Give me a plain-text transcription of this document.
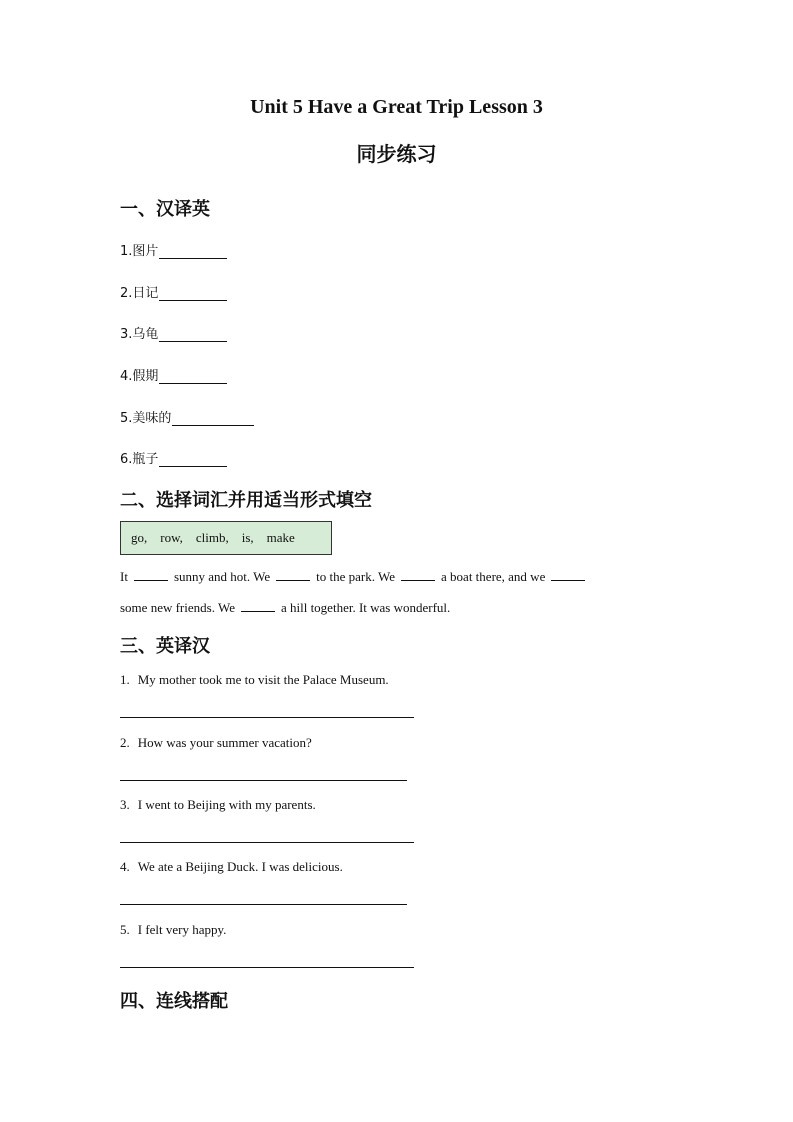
Unit 5 Have a Great Trip Lesson 3
同步练习
一、汉译英
1.图片
2.日记
3.乌龟
4.假期
5.美味的
6.瓶子
二、选择词汇并用适当形式填空
go,    row,    climb,    is,    make
It	sunny and hot. We	to the park. We	a boat there, and we
some new friends. We	a hill together. It was wonderful.
三、英译汉
1. My mother took me to visit the Palace Museum.
2. How was your summer vacation?
3. I went to Beijing with my parents.
4. We ate a Beijing Duck. I was delicious.
5. I felt very happy.
四、连线搭配
